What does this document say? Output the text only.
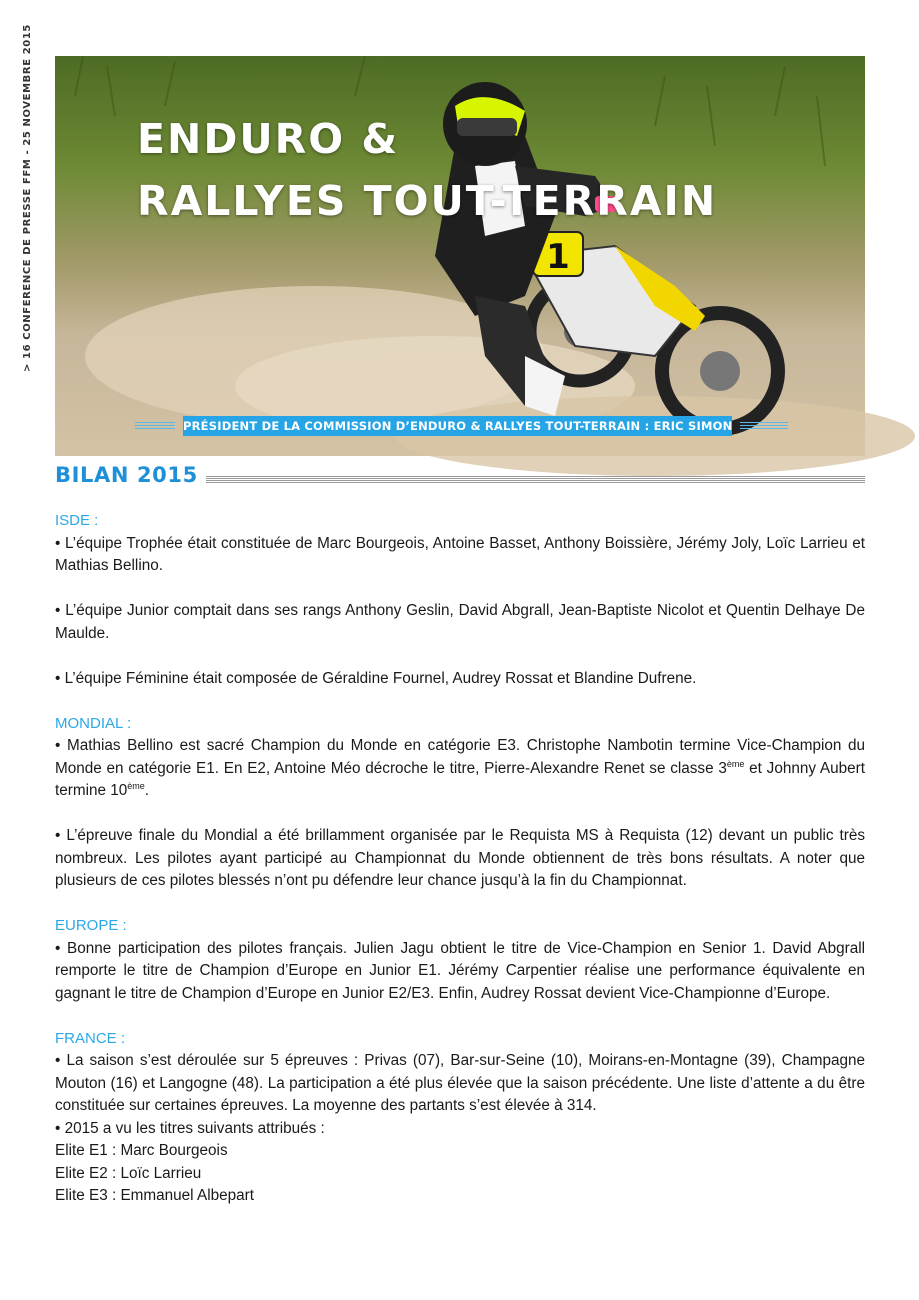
> 16 CONFERENCE DE PRESSE FFM - 25 NOVEMBRE 2015	1
ENDURO &
RALLYES TOUT-TERRAIN	Crédit photo : Mathieu Talaisset
PRÉSIDENT DE LA COMMISSION D’ENDURO & RALLYES TOUT-TERRAIN : ERIC SIMON
BILAN 2015
ISDE :
• L’équipe Trophée était constituée de Marc Bourgeois, Antoine Basset, Anthony Boissière, Jérémy Joly, Loïc Larrieu et Mathias Bellino.
• L’équipe Junior comptait dans ses rangs Anthony Geslin, David Abgrall, Jean-Baptiste Nicolot et Quentin Delhaye De Maulde.
• L’équipe Féminine était composée de Géraldine Fournel, Audrey Rossat et Blandine Dufrene.
MONDIAL :
• Mathias Bellino est sacré Champion du Monde en catégorie E3. Christophe Nambotin termine Vice-Champion du Monde en catégorie E1. En E2, Antoine Méo décroche le titre, Pierre-Alexandre Renet se classe 3ème et Johnny Aubert termine 10ème.
• L’épreuve finale du Mondial a été brillamment organisée par le Requista MS à Requista (12) devant un public très nombreux. Les pilotes ayant participé au Championnat du Monde obtiennent de très bons résultats. A noter que plusieurs de ces pilotes blessés n’ont pu défendre leur chance jusqu’à la fin du Championnat.
EUROPE :
• Bonne participation des pilotes français. Julien Jagu obtient le titre de Vice-Champion en Senior 1. David Abgrall remporte le titre de Champion d’Europe en Junior E1. Jérémy Carpentier réalise une performance équivalente en gagnant le titre de Champion d’Europe en Junior E2/E3. Enfin, Audrey Rossat devient Vice-Championne d’Europe.
FRANCE :
• La saison s’est déroulée sur 5 épreuves : Privas (07), Bar-sur-Seine (10), Moirans-en-Montagne (39), Champagne Mouton (16) et Langogne (48). La participation a été plus élevée que la saison précédente. Une liste d’attente a du être constituée sur certaines épreuves. La moyenne des partants s’est élevée à 314.
• 2015 a vu les titres suivants attribués :
Elite E1 : Marc Bourgeois
Elite E2 : Loïc Larrieu
Elite E3 : Emmanuel Albepart
